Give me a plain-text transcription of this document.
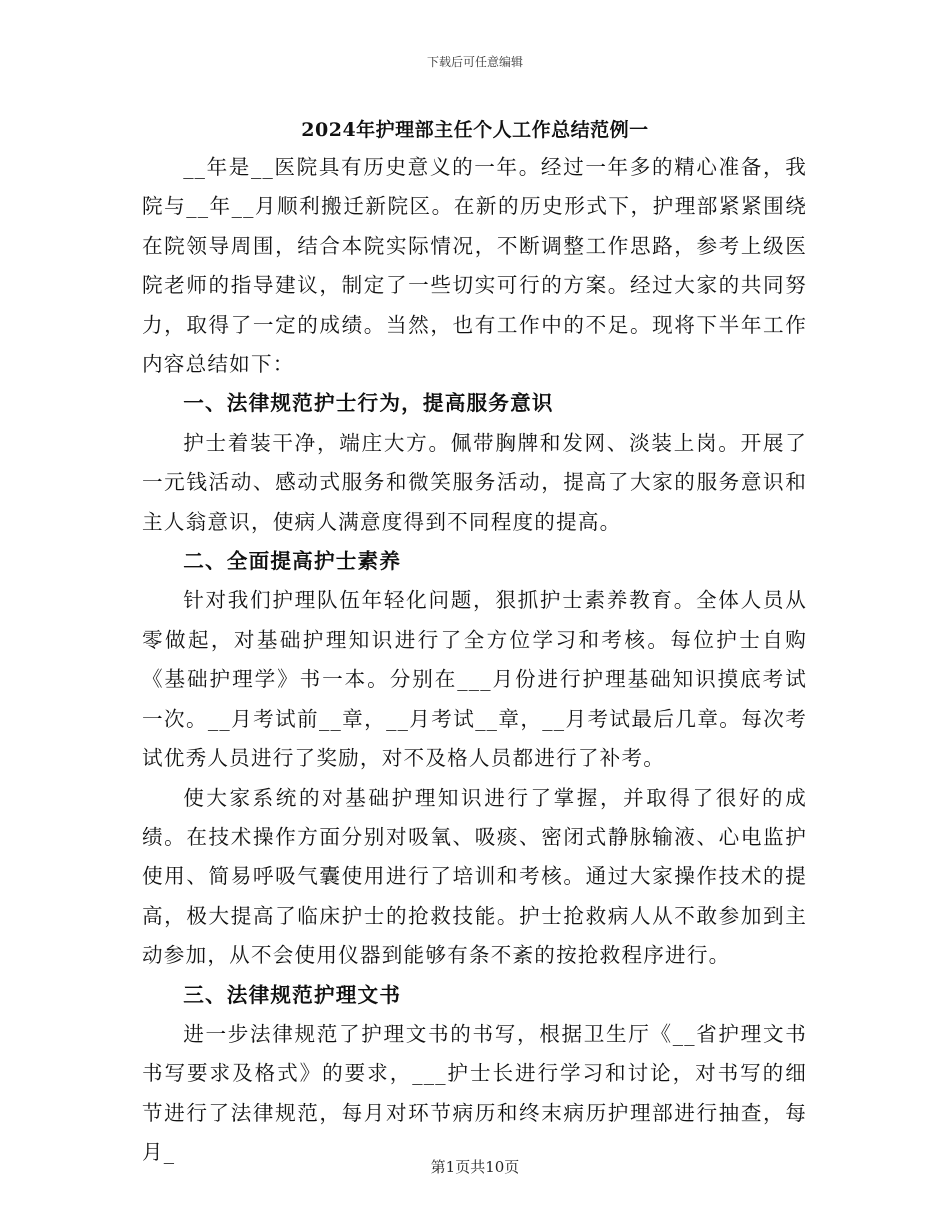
下载后可任意编辑
2024年护理部主任个人工作总结范例一

__年是__医院具有历史意义的一年。经过一年多的精心准备，我院与__年__月顺利搬迁新院区。在新的历史形式下，护理部紧紧围绕在院领导周围，结合本院实际情况，不断调整工作思路，参考上级医院老师的指导建议，制定了一些切实可行的方案。经过大家的共同努力，取得了一定的成绩。当然，也有工作中的不足。现将下半年工作内容总结如下：

一、法律规范护士行为，提高服务意识

护士着装干净，端庄大方。佩带胸牌和发网、淡装上岗。开展了一元钱活动、感动式服务和微笑服务活动，提高了大家的服务意识和主人翁意识，使病人满意度得到不同程度的提高。

二、全面提高护士素养

针对我们护理队伍年轻化问题，狠抓护士素养教育。全体人员从零做起，对基础护理知识进行了全方位学习和考核。每位护士自购《基础护理学》书一本。分别在___月份进行护理基础知识摸底考试一次。__月考试前__章，__月考试__章，__月考试最后几章。每次考试优秀人员进行了奖励，对不及格人员都进行了补考。

使大家系统的对基础护理知识进行了掌握，并取得了很好的成绩。在技术操作方面分别对吸氧、吸痰、密闭式静脉输液、心电监护使用、简易呼吸气囊使用进行了培训和考核。通过大家操作技术的提高，极大提高了临床护士的抢救技能。护士抢救病人从不敢参加到主动参加，从不会使用仪器到能够有条不紊的按抢救程序进行。

三、法律规范护理文书

进一步法律规范了护理文书的书写，根据卫生厅《__省护理文书书写要求及格式》的要求，___护士长进行学习和讨论，对书写的细节进行了法律规范，每月对环节病历和终末病历护理部进行抽查，每月_

第1页共10页
